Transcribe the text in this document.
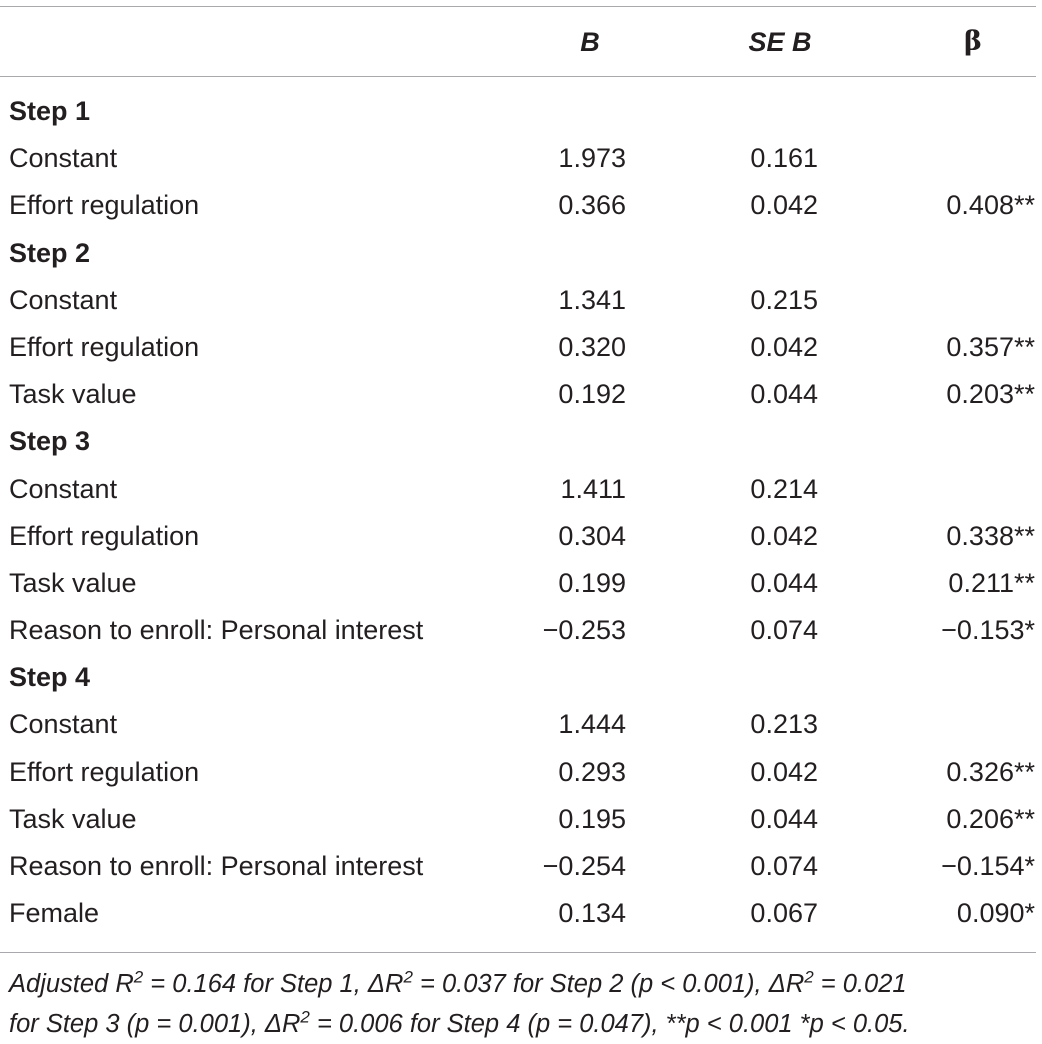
B	SE B	β
Step 1
Constant	1.973	0.161
Effort regulation	0.366	0.042	0.408**
Step 2
Constant	1.341	0.215
Effort regulation	0.320	0.042	0.357**
Task value	0.192	0.044	0.203**
Step 3
Constant	1.411	0.214
Effort regulation	0.304	0.042	0.338**
Task value	0.199	0.044	0.211**
Reason to enroll: Personal interest	−0.253	0.074	−0.153*
Step 4
Constant	1.444	0.213
Effort regulation	0.293	0.042	0.326**
Task value	0.195	0.044	0.206**
Reason to enroll: Personal interest	−0.254	0.074	−0.154*
Female	0.134	0.067	0.090*
Adjusted $R^2 = 0.164$ for Step 1, $\Delta R^2 = 0.037$ for Step 2 (p < 0.001), $\Delta R^2 = 0.021$
for Step 3 (p = 0.001), $\Delta R^2 = 0.006$ for Step 4 (p = 0.047), **p < 0.001 *p < 0.05.
